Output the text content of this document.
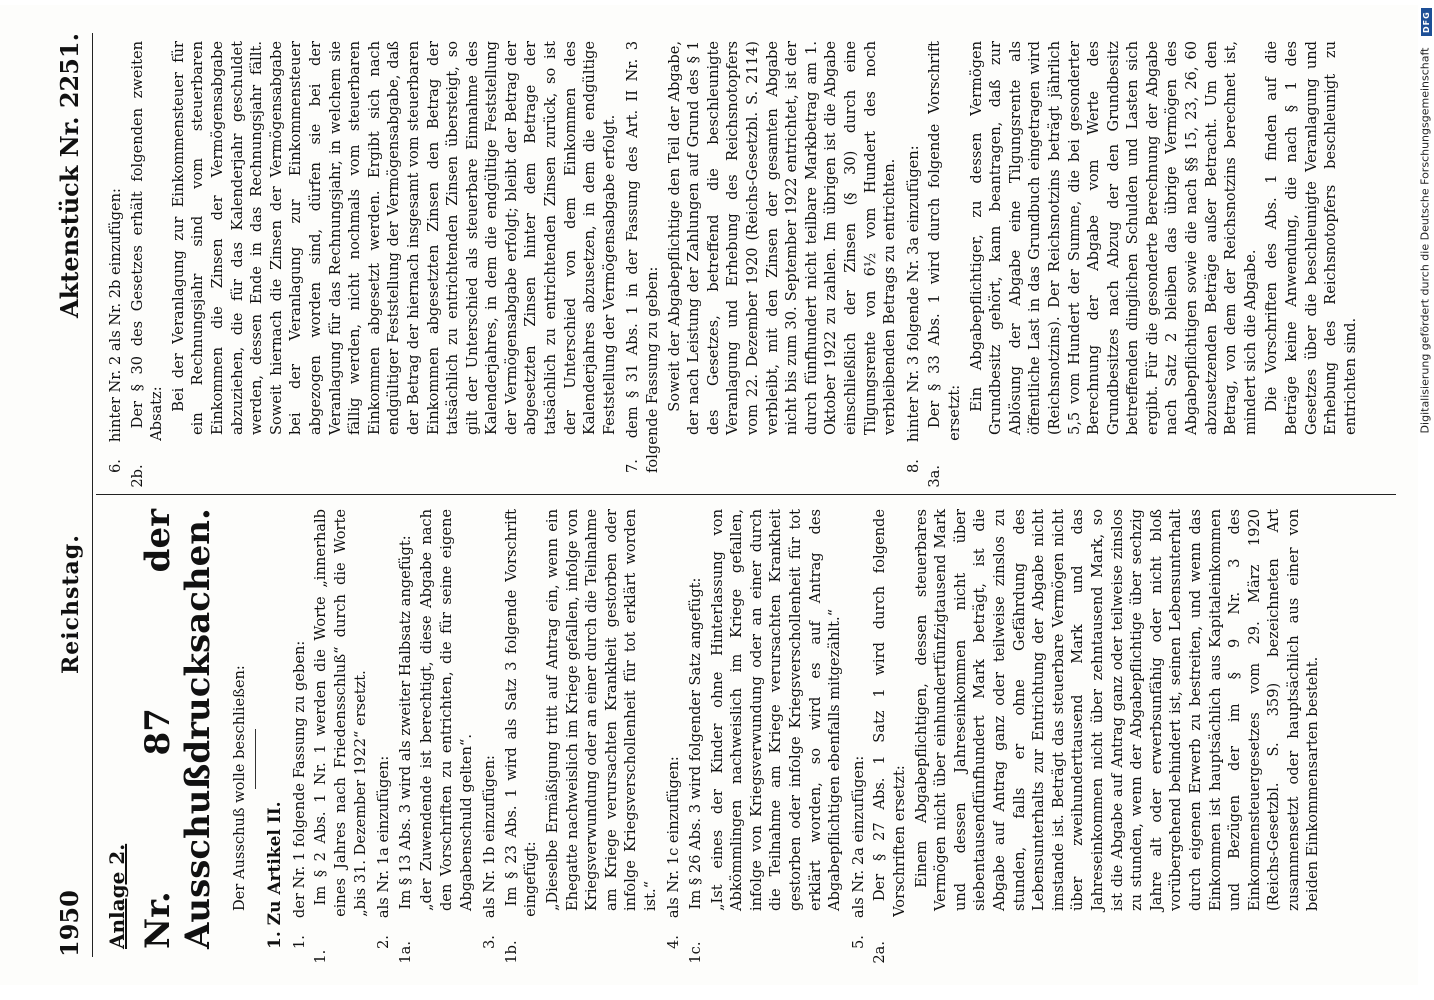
1950
Reichstag.
Aktenstück Nr. 2251.
Anlage 2. Nr. 87 der Ausschußdrucksachen. Der Ausschuß wolle beschließen: 1. Zu Artikel II. 1. der Nr. 1 folgende Fassung zu geben:
1. Im § 2 Abs. 1 Nr. 1 werden die Worte „innerhalb eines Jahres nach Friedensschluß“ durch die Worte „bis 31. Dezember 1922“ ersetzt.
2. als Nr. 1a einzufügen:
1a. Im § 13 Abs. 3 wird als zweiter Halbsatz angefügt: „der Zuwendende ist berechtigt, diese Abgabe nach den Vorschriften zu entrichten, die für seine eigene Abgabenschuld gelten“.
3. als Nr. 1b einzufügen:
1b. Im § 23 Abs. 1 wird als Satz 3 folgende Vorschrift eingefügt: „Dieselbe Ermäßigung tritt auf Antrag ein, wenn ein Ehegatte nachweislich im Kriege gefallen, infolge von Kriegsverwundung oder an einer durch die Teilnahme am Kriege verursachten Krankheit gestorben oder infolge Kriegsverschollenheit für tot erklärt worden ist.“
4. als Nr. 1c einzufügen:
1c. Im § 26 Abs. 3 wird folgender Satz angefügt: „Ist eines der Kinder ohne Hinterlassung von Abkömmlingen nachweislich im Kriege gefallen, infolge von Kriegsverwundung oder an einer durch die Teilnahme am Kriege verursachten Krankheit gestorben oder infolge Kriegsverschollenheit für tot erklärt worden, so wird es auf Antrag des Abgabepflichtigen ebenfalls mitgezählt.“
5. als Nr. 2a einzufügen:
2a. Der § 27 Abs. 1 Satz 1 wird durch folgende Vorschriften ersetzt: Einem Abgabepflichtigen, dessen steuerbares Vermögen nicht über einhundertfünfzigtausend Mark und dessen Jahreseinkommen nicht über siebentausendfünfhundert Mark beträgt, ist die Abgabe auf Antrag ganz oder teilweise zinslos zu stunden, falls er ohne Gefährdung des Lebensunterhalts zur Entrichtung der Abgabe nicht imstande ist. Beträgt das steuerbare Vermögen nicht über zweihunderttausend Mark und das Jahreseinkommen nicht über zehntausend Mark, so ist die Abgabe auf Antrag ganz oder teilweise zinslos zu stunden, wenn der Abgabepflichtige über sechzig Jahre alt oder erwerbsunfähig oder nicht bloß vorübergehend behindert ist, seinen Lebensunterhalt durch eigenen Erwerb zu bestreiten, und wenn das Einkommen ist hauptsächlich aus Kapitaleinkommen und Bezügen der im § 9 Nr. 3 des Einkommensteuergesetzes vom 29. März 1920 (Reichs-Gesetzbl. S. 359) bezeichneten Art zusammensetzt oder hauptsächlich aus einer von beiden Einkommensarten besteht.
6. hinter Nr. 2 als Nr. 2b einzufügen:
2b. Der § 30 des Gesetzes erhält folgenden zweiten Absatz:
Bei der Veranlagung zur Einkommensteuer für ein Rechnungsjahr sind vom steuerbaren Einkommen die Zinsen der Vermögensabgabe abzuziehen, die für das Kalenderjahr geschuldet werden, dessen Ende in das Rechnungsjahr fällt. Soweit hiernach die Zinsen der Vermögensabgabe bei der Veranlagung zur Einkommensteuer abgezogen worden sind, dürfen sie bei der Veranlagung für das Rechnungsjahr, in welchem sie fällig werden, nicht nochmals vom steuerbaren Einkommen abgesetzt werden. Ergibt sich nach endgültiger Feststellung der Vermögensabgabe, daß der Betrag der hiernach insgesamt vom steuerbaren Einkommen abgesetzten Zinsen den Betrag der tatsächlich zu entrichtenden Zinsen übersteigt, so gilt der Unterschied als steuerbare Einnahme des Kalenderjahres, in dem die endgültige Feststellung der Vermögensabgabe erfolgt; bleibt der Betrag der abgesetzten Zinsen hinter dem Betrage der tatsächlich zu entrichtenden Zinsen zurück, so ist der Unterschied von dem Einkommen des Kalenderjahres abzusetzen, in dem die endgültige Feststellung der Vermögensabgabe erfolgt.
7. dem § 31 Abs. 1 in der Fassung des Art. II Nr. 3 folgende Fassung zu geben: Soweit der Abgabepflichtige den Teil der Abgabe, der nach Leistung der Zahlungen auf Grund des § 1 des Gesetzes, betreffend die beschleunigte Veranlagung und Erhebung des Reichsnotopfers vom 22. Dezember 1920 (Reichs-Gesetzbl. S. 2114) verbleibt, mit den Zinsen der gesamten Abgabe nicht bis zum 30. September 1922 entrichtet, ist der durch fünfhundert nicht teilbare Markbetrag am 1. Oktober 1922 zu zahlen. Im übrigen ist die Abgabe einschließlich der Zinsen (§ 30) durch eine Tilgungsrente von 6½ vom Hundert des noch verbleibenden Betrags zu entrichten.
8. hinter Nr. 3 folgende Nr. 3a einzufügen:
3a. Der § 33 Abs. 1 wird durch folgende Vorschrift ersetzt:
Ein Abgabepflichtiger, zu dessen Vermögen Grundbesitz gehört, kann beantragen, daß zur Ablösung der Abgabe eine Tilgungsrente als öffentliche Last in das Grundbuch eingetragen wird (Reichsnotzins). Der Reichsnotzins beträgt jährlich 5,5 vom Hundert der Summe, die bei gesonderter Berechnung der Abgabe vom Werte des Grundbesitzes nach Abzug der den Grundbesitz betreffenden dinglichen Schulden und Lasten sich ergibt. Für die gesonderte Berechnung der Abgabe nach Satz 2 bleiben das übrige Vermögen des Abgabepflichtigen sowie die nach §§ 15, 23, 26, 60 abzusetzenden Beträge außer Betracht. Um den Betrag, von dem der Reichsnotzins berechnet ist, mindert sich die Abgabe. Die Vorschriften des Abs. 1 finden auf die Beträge keine Anwendung, die nach § 1 des Gesetzes über die beschleunigte Veranlagung und Erhebung des Reichsnotopfers beschleunigt zu entrichten sind.	Digitalisierung gefördert durch die Deutsche Forschungsgemeinschaft
DFG
